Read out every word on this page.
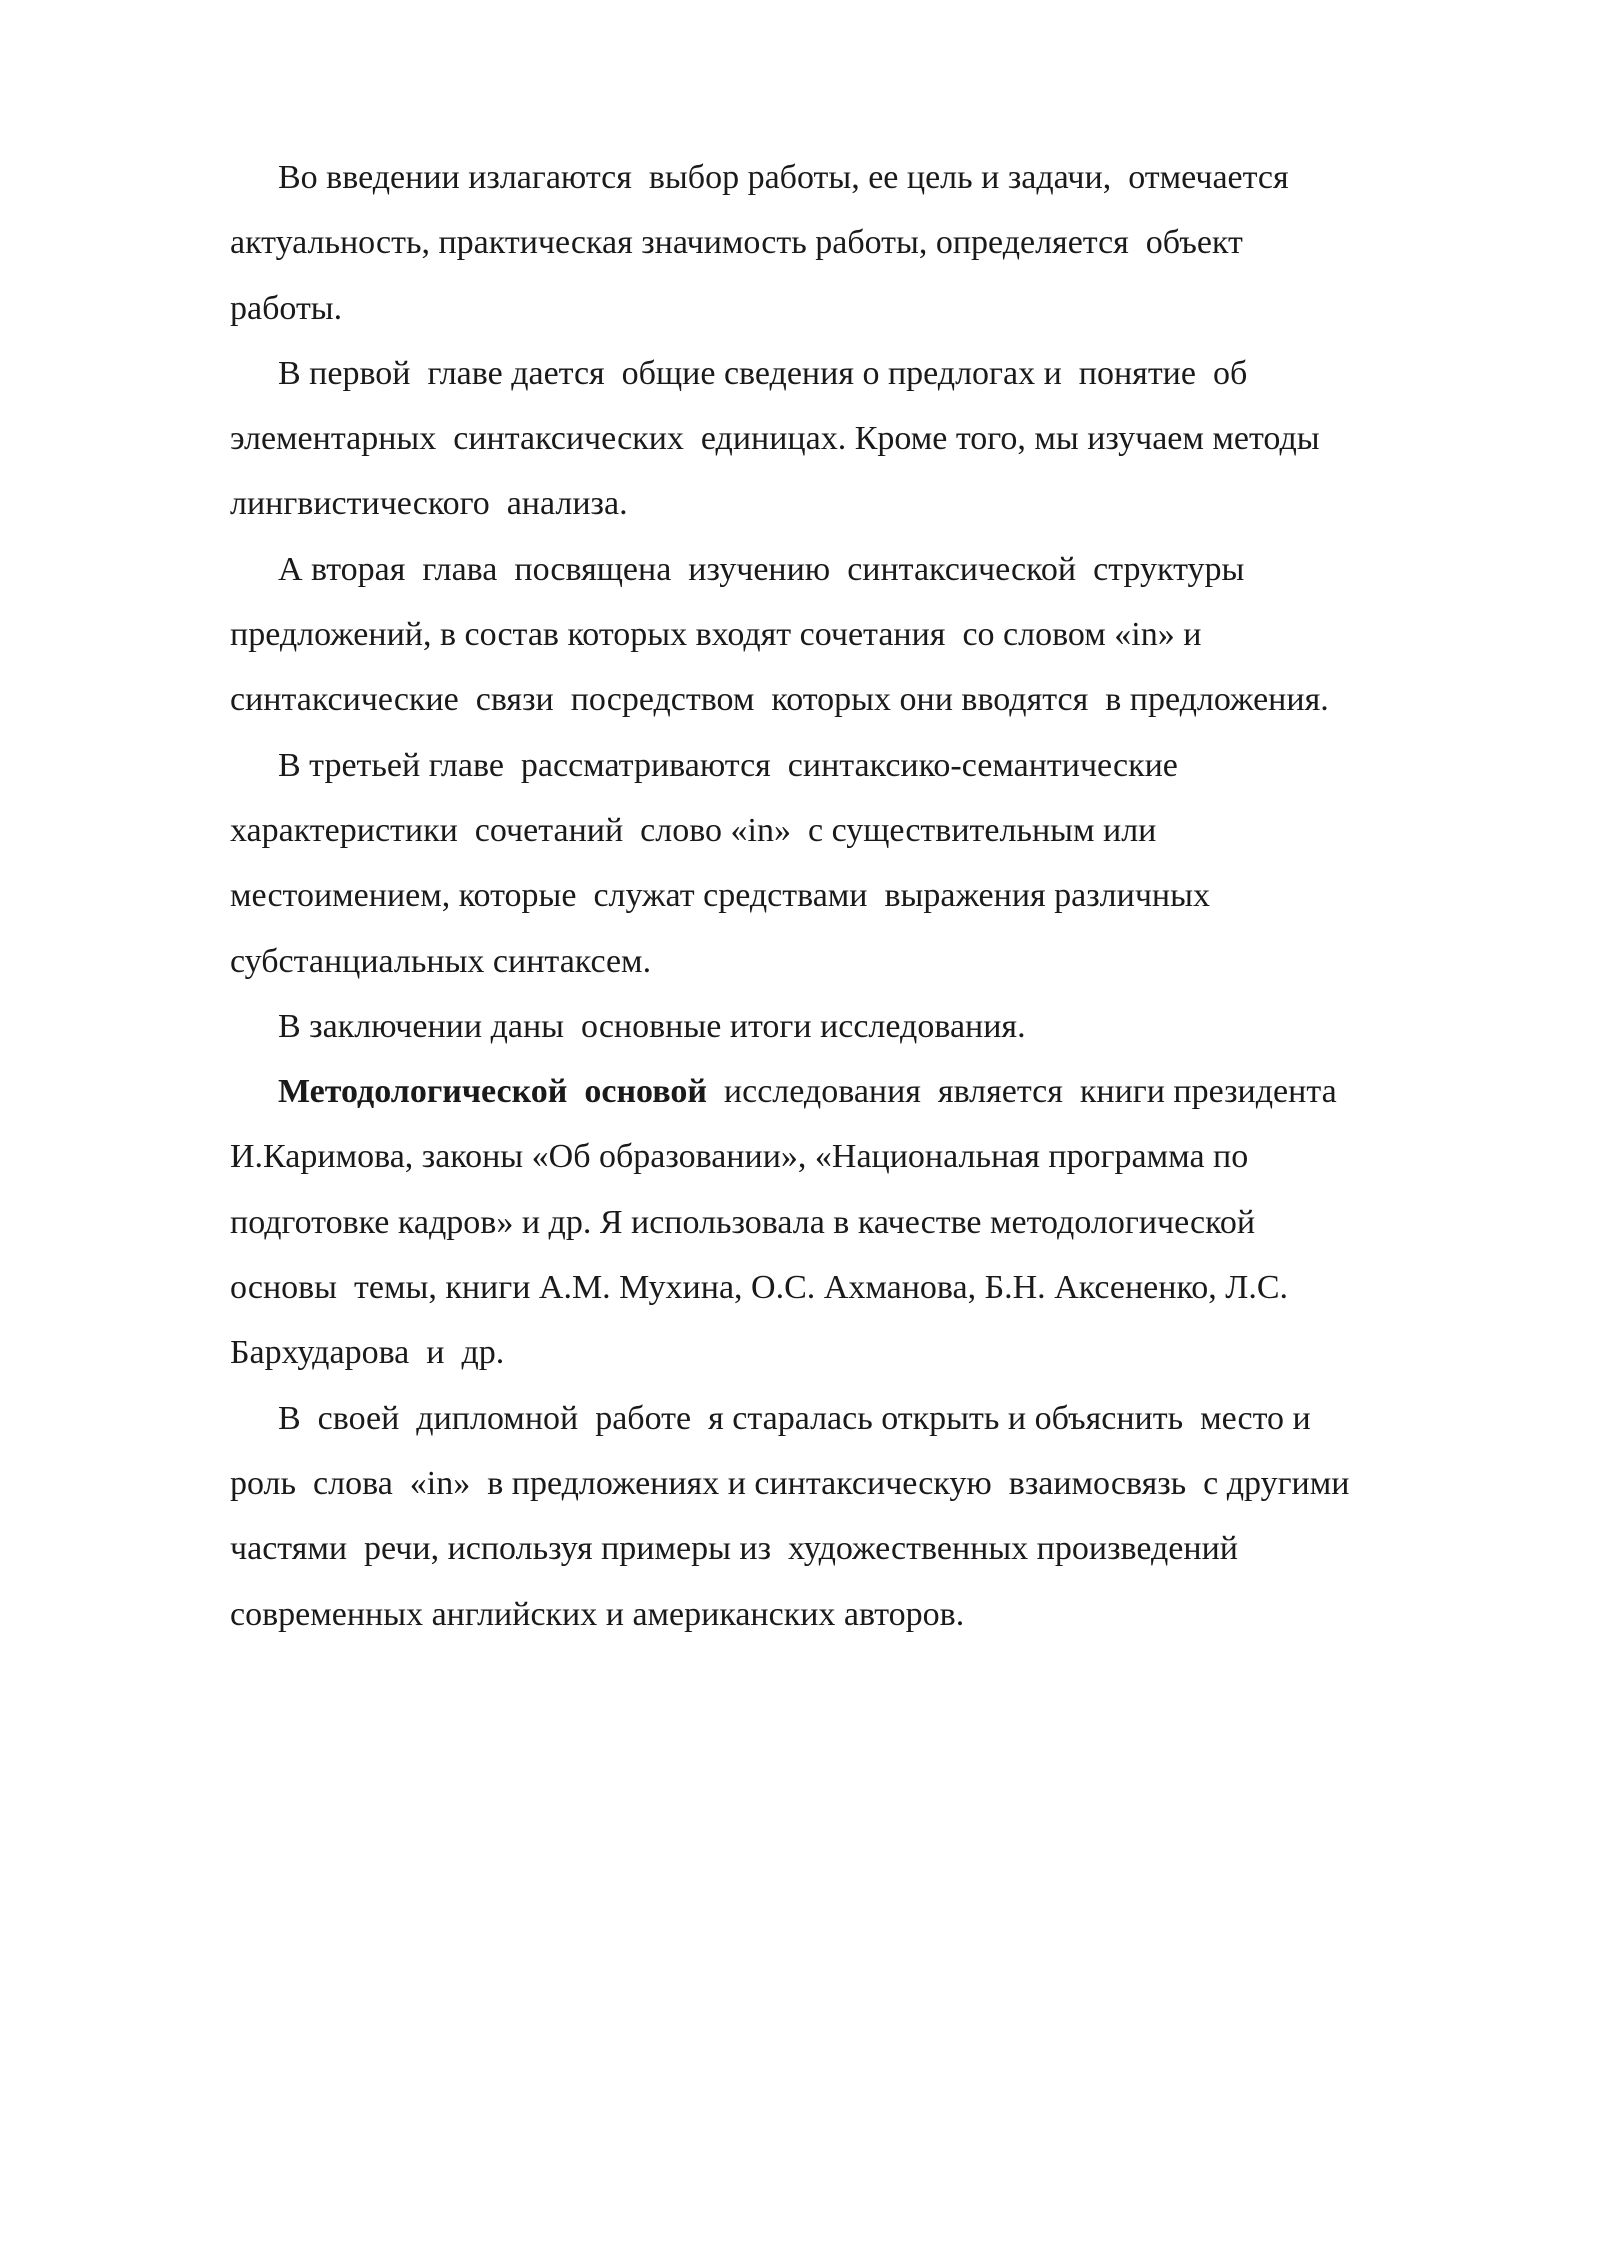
Во введении излагаются  выбор работы, ее цель и задачи,  отмечается
актуальность, практическая значимость работы, определяется  объект
работы.
В первой  главе дается  общие сведения о предлогах и  понятие  об
элементарных  синтаксических  единицах. Кроме того, мы изучаем методы
лингвистического  анализа.
А вторая  глава  посвящена  изучению  синтаксической  структуры
предложений, в состав которых входят сочетания  со словом «in» и
синтаксические  связи  посредством  которых они вводятся  в предложения.
В третьей главе  рассматриваются  синтаксико-семантические
характеристики  сочетаний  слово «in»  с существительным или
местоимением, которые  служат средствами  выражения различных
субстанциальных синтаксем.
В заключении даны  основные итоги исследования.
Методологической  основой  исследования  является  книги президента
И.Каримова, законы «Об образовании», «Национальная программа по
подготовке кадров» и др. Я использовала в качестве методологической
основы  темы, книги А.М. Мухина, О.С. Ахманова, Б.Н. Аксененко, Л.С.
Бархударова  и  др.
В  своей  дипломной  работе  я старалась открыть и объяснить  место и
роль  слова  «in»  в предложениях и синтаксическую  взаимосвязь  с другими
частями  речи, используя примеры из  художественных произведений
современных английских и американских авторов.
